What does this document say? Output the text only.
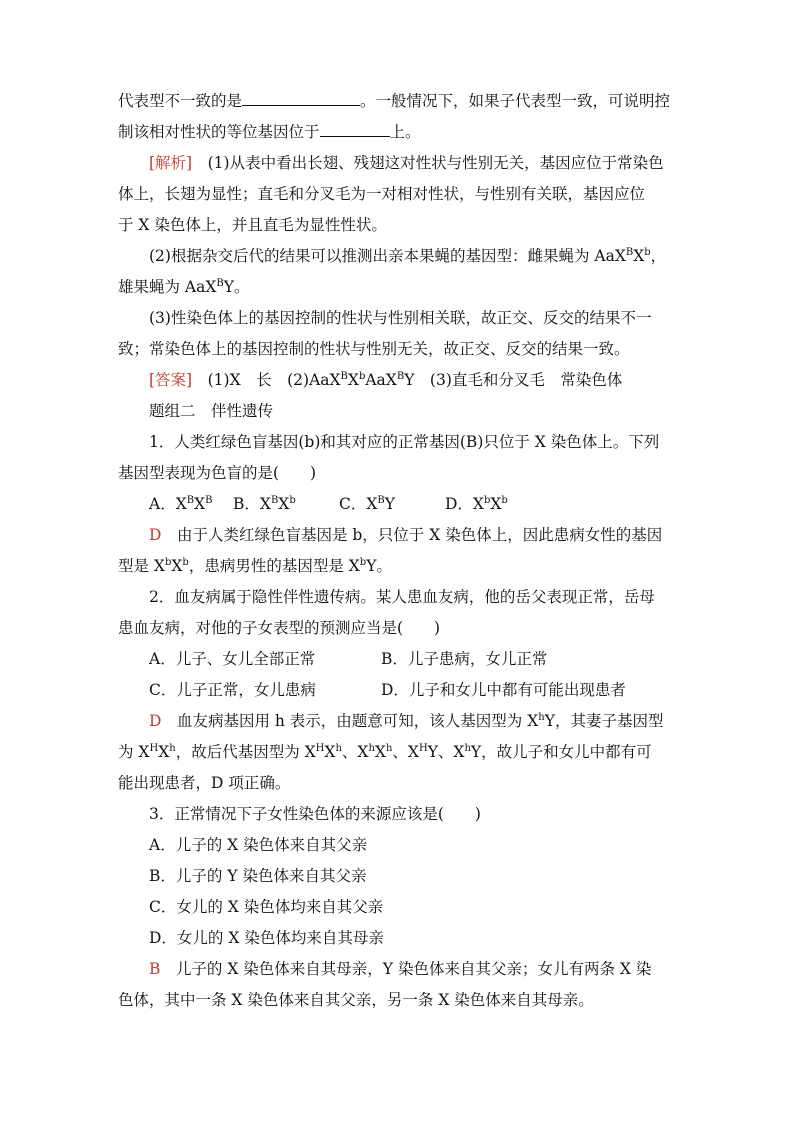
代表型不一致的是	。一般情况下，如果子代表型一致，可说明控
制该相对性状的等位基因位于	上。
[解析]　 (1)从表中看出长翅、残翅这对性状与性别无关，基因应位于常染色
体上，长翅为显性；直毛和分叉毛为一对相对性状，与性别有关联，基因应位
于 X 染色体上，并且直毛为显性性状。
(2)根据杂交后代的结果可以推测出亲本果蝇的基因型：雌果蝇为 $AaX^BX^b$，
雄果蝇为 AaX$^B$Y。
(3)性染色体上的基因控制的性状与性别相关联，故正交、反交的结果不一
致；常染色体上的基因控制的性状与性别无关，故正交、反交的结果一致。
[答案]　 (1)X　长　$(2)AaX^BX^bAaX^BY$　(3)直毛和分叉毛　常染色体
题组二　伴性遗传
1．人类红绿色盲基因(b)和其对应的正常基因(B)只位于 X 染色体上。下列
基因型表现为色盲的是(　　)
A．$X^BX^B$ B．$X^BX^b$	C．$X^BY$	D．$X^bX^b$
D　 由于人类红绿色盲基因是 b，只位于 X 染色体上，因此患病女性的基因
型是 $X^bX^b$，患病男性的基因型是 $X^bY$。
2．血友病属于隐性伴性遗传病。某人患血友病，他的岳父表现正常，岳母
患血友病，对他的子女表型的预测应当是(　　)
A．儿子、女儿全部正常	B．儿子患病，女儿正常
C．儿子正常，女儿患病	D．儿子和女儿中都有可能出现患者
D　 血友病基因用 h 表示，由题意可知，该人基因型为 $X^hY$，其妻子基因型
为 $X^HX^h$，故后代基因型为 $X^HX^h$、$X^hX^h$、$X^HY$、$X^hY$，故儿子和女儿中都有可
能出现患者，D 项正确。
3．正常情况下子女性染色体的来源应该是(　　)
A．儿子的 X 染色体来自其父亲
B．儿子的 Y 染色体来自其父亲
C．女儿的 X 染色体均来自其父亲
D．女儿的 X 染色体均来自其母亲
B　 儿子的 X 染色体来自其母亲，Y 染色体来自其父亲；女儿有两条 X 染
色体，其中一条 X 染色体来自其父亲，另一条 X 染色体来自其母亲。
